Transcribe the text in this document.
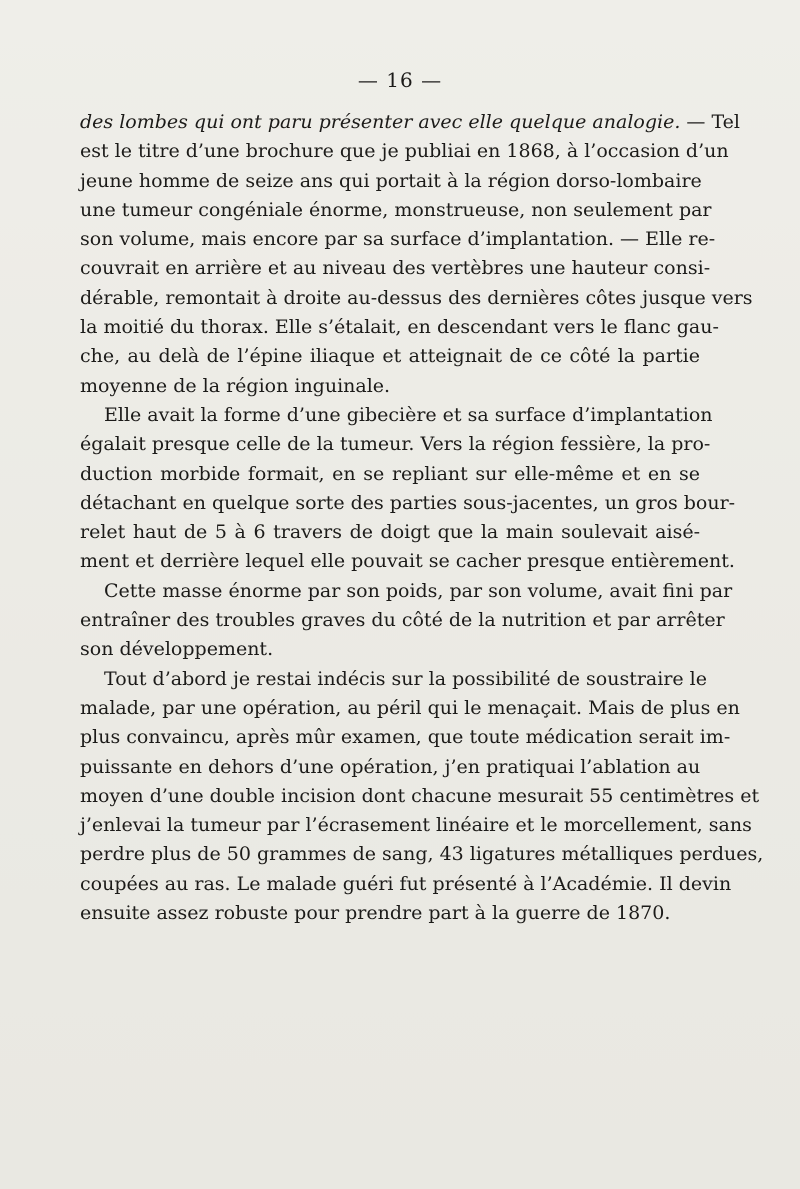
— 16 —
des lombes qui ont paru présenter avec elle quelque analogie. — Tel
est le titre d’une brochure que je publiai en 1868, à l’occasion d’un
jeune homme de seize ans qui portait à la région dorso-lombaire
une tumeur congéniale énorme, monstrueuse, non seulement par
son volume, mais encore par sa surface d’implantation. — Elle re-
couvrait en arrière et au niveau des vertèbres une hauteur consi-
dérable, remontait à droite au-dessus des dernières côtes jusque vers
la moitié du thorax. Elle s’étalait, en descendant vers le flanc gau-
che, au delà de l’épine iliaque et atteignait de ce côté la partie
moyenne de la région inguinale.
Elle avait la forme d’une gibecière et sa surface d’implantation
égalait presque celle de la tumeur. Vers la région fessière, la pro-
duction morbide formait, en se repliant sur elle-même et en se
détachant en quelque sorte des parties sous-jacentes, un gros bour-
relet haut de 5 à 6 travers de doigt que la main soulevait aisé-
ment et derrière lequel elle pouvait se cacher presque entièrement.
Cette masse énorme par son poids, par son volume, avait fini par
entraîner des troubles graves du côté de la nutrition et par arrêter
son développement.
Tout d’abord je restai indécis sur la possibilité de soustraire le
malade, par une opération, au péril qui le menaçait. Mais de plus en
plus convaincu, après mûr examen, que toute médication serait im-
puissante en dehors d’une opération, j’en pratiquai l’ablation au
moyen d’une double incision dont chacune mesurait 55 centimètres et
j’enlevai la tumeur par l’écrasement linéaire et le morcellement, sans
perdre plus de 50 grammes de sang, 43 ligatures métalliques perdues,
coupées au ras. Le malade guéri fut présenté à l’Académie. Il devin
ensuite assez robuste pour prendre part à la guerre de 1870.
